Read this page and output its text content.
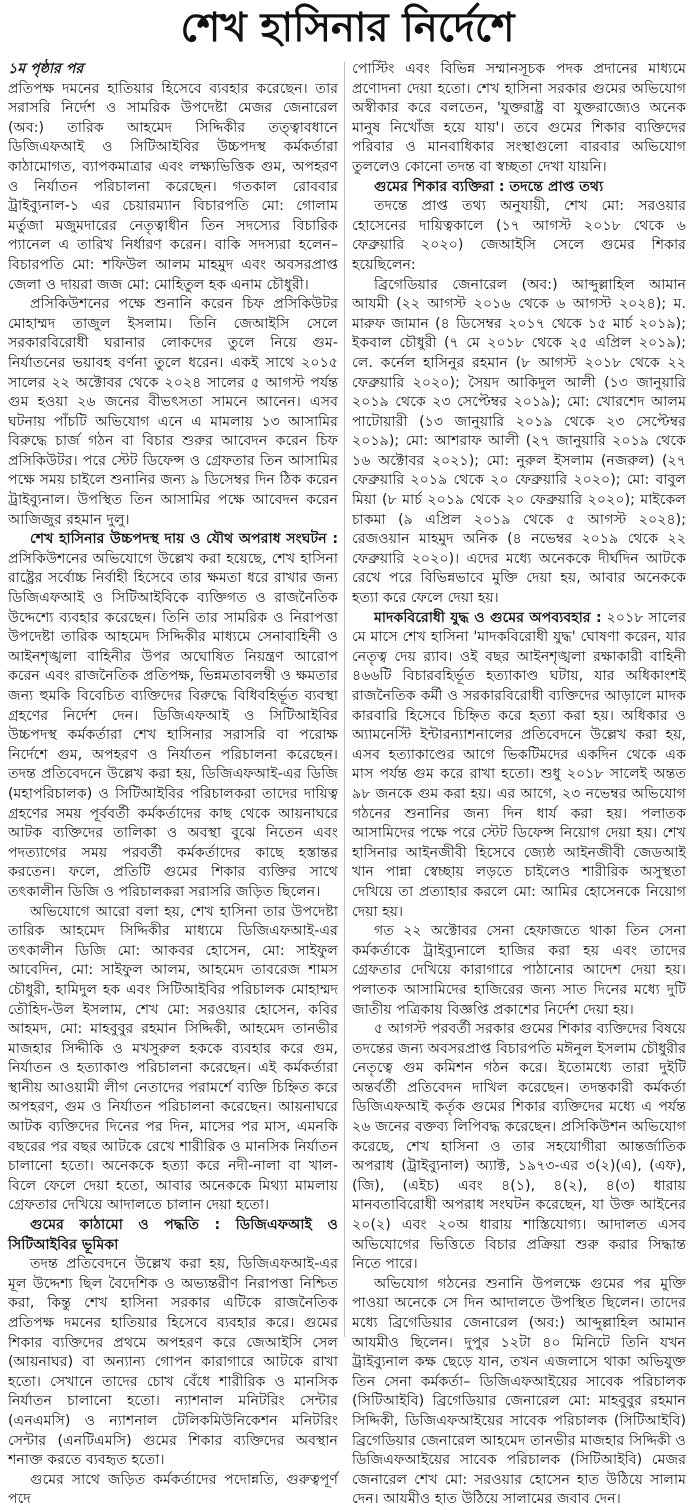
শেখ হাসিনার নির্দেশে
১ম পৃষ্ঠার পর

প্রতিপক্ষ দমনের হাতিয়ার হিসেবে ব্যবহার করেছেন। তার সরাসরি নির্দেশ ও সামরিক উপদেষ্টা মেজর জেনারেল (অব:) তারিক আহমেদ সিদ্দিকীর তত্ত্বাবধানে ডিজিএফআই ও সিটিআইবির উচ্চপদস্থ কর্মকর্তারা কাঠামোগত, ব্যাপকমাত্রার এবং লক্ষ্যভিত্তিক গুম, অপহরণ ও নির্যাতন পরিচালনা করেছেন। গতকাল রোববার ট্রাইব্যুনাল-১ এর চেয়ারম্যান বিচারপতি মো: গোলাম মর্তুজা মজুমদারের নেতৃত্বাধীন তিন সদস্যের বিচারিক প্যানেল এ তারিখ নির্ধারণ করেন। বাকি সদস্যরা হলেন– বিচারপতি মো: শফিউল আলম মাহমুদ এবং অবসরপ্রাপ্ত জেলা ও দায়রা জজ মো: মোহিতুল হক এনাম চৌধুরী।

প্রসিকিউশনের পক্ষে শুনানি করেন চিফ প্রসিকিউটর মোহাম্মদ তাজুল ইসলাম। তিনি জেআইসি সেলে সরকারবিরোধী ঘরানার লোকদের তুলে নিয়ে গুম-নির্যাতনের ভয়াবহ বর্ণনা তুলে ধরেন। একই সাথে ২০১৫ সালের ২২ অক্টোবর থেকে ২০২৪ সালের ৫ আগস্ট পর্যন্ত গুম হওয়া ২৬ জনের বীভৎসতা সামনে আনেন। এসব ঘটনায় পাঁচটি অভিযোগ এনে এ মামলায় ১৩ আসামির বিরুদ্ধে চার্জ গঠন বা বিচার শুরুর আবেদন করেন চিফ প্রসিকিউটর। পরে স্টেট ডিফেন্স ও গ্রেফতার তিন আসামির পক্ষে সময় চাইলে শুনানির জন্য ৯ ডিসেম্বর দিন ঠিক করেন ট্রাইব্যুনাল। উপস্থিত তিন আসামির পক্ষে আবেদন করেন আজিজুর রহমান দুলু।

শেখ হাসিনার উচ্চপদস্থ দায় ও যৌথ অপরাধ সংঘটন : প্রসিকিউশনের অভিযোগে উল্লেখ করা হয়েছে, শেখ হাসিনা রাষ্ট্রের সর্বোচ্চ নির্বাহী হিসেবে তার ক্ষমতা ধরে রাখার জন্য ডিজিএফআই ও সিটিআইবিকে ব্যক্তিগত ও রাজনৈতিক উদ্দেশ্যে ব্যবহার করেছেন। তিনি তার সামরিক ও নিরাপত্তা উপদেষ্টা তারিক আহমেদ সিদ্দিকীর মাধ্যমে সেনাবাহিনী ও আইনশৃঙ্খলা বাহিনীর উপর অঘোষিত নিয়ন্ত্রণ আরোপ করেন এবং রাজনৈতিক প্রতিপক্ষ, ভিন্নমতাবলম্বী ও ক্ষমতার জন্য হুমকি বিবেচিত ব্যক্তিদের বিরুদ্ধে বিধিবহির্ভূত ব্যবস্থা গ্রহণের নির্দেশ দেন। ডিজিএফআই ও সিটিআইবির উচ্চপদস্থ কর্মকর্তারা শেখ হাসিনার সরাসরি বা পরোক্ষ নির্দেশে গুম, অপহরণ ও নির্যাতন পরিচালনা করেছেন। তদন্ত প্রতিবেদনে উল্লেখ করা হয়, ডিজিএফআই-এর ডিজি (মহাপরিচালক) ও সিটিআইবির পরিচালকরা তাদের দায়িত্ব গ্রহণের সময় পূর্ববর্তী কর্মকর্তাদের কাছ থেকে আয়নাঘরে আটক ব্যক্তিদের তালিকা ও অবস্থা বুঝে নিতেন এবং পদত্যাগের সময় পরবর্তী কর্মকর্তাদের কাছে হস্তান্তর করতেন। ফলে, প্রতিটি গুমের শিকার ব্যক্তির সাথে তৎকালীন ডিজি ও পরিচালকরা সরাসরি জড়িত ছিলেন।

অভিযোগে আরো বলা হয়, শেখ হাসিনা তার উপদেষ্টা তারিক আহমেদ সিদ্দিকীর মাধ্যমে ডিজিএফআই-এর তৎকালীন ডিজি মো: আকবর হোসেন, মো: সাইফুল আবেদিন, মো: সাইফুল আলম, আহমেদ তাবরেজ শামস চৌধুরী, হামিদুল হক এবং সিটিআইবির পরিচালক মোহাম্মদ তৌহিদ-উল ইসলাম, শেখ মো: সরওয়ার হোসেন, কবির আহমদ, মো: মাহবুবুর রহমান সিদ্দিকী, আহমেদ তানভীর মাজহার সিদ্দীকি ও মখসুরুল হককে ব্যবহার করে গুম, নির্যাতন ও হত্যাকাণ্ড পরিচালনা করেছেন। এই কর্মকর্তারা স্থানীয় আওয়ামী লীগ নেতাদের পরামর্শে ব্যক্তি চিহ্নিত করে অপহরণ, গুম ও নির্যাতন পরিচালনা করেছেন। আয়নাঘরে আটক ব্যক্তিদের দিনের পর দিন, মাসের পর মাস, এমনকি বছরের পর বছর আটকে রেখে শারীরিক ও মানসিক নির্যাতন চালানো হতো। অনেককে হত্যা করে নদী-নালা বা খাল-বিলে ফেলে দেয়া হতো, আবার অনেককে মিথ্যা মামলায় গ্রেফতার দেখিয়ে আদালতে চালান দেয়া হতো।

গুমের কাঠামো ও পদ্ধতি : ডিজিএফআই ও সিটিআইবির ভূমিকা

তদন্ত প্রতিবেদনে উল্লেখ করা হয়, ডিজিএফআই-এর মূল উদ্দেশ্য ছিল বৈদেশিক ও অভ্যন্তরীণ নিরাপত্তা নিশ্চিত করা, কিন্তু শেখ হাসিনা সরকার এটিকে রাজনৈতিক প্রতিপক্ষ দমনের হাতিয়ার হিসেবে ব্যবহার করে। গুমের শিকার ব্যক্তিদের প্রথমে অপহরণ করে জেআইসি সেল (আয়নাঘর) বা অন্যান্য গোপন কারাগারে আটকে রাখা হতো। সেখানে তাদের চোখ বেঁধে শারীরিক ও মানসিক নির্যাতন চালানো হতো। ন্যাশনাল মনিটরিং সেন্টার (এনএমসি) ও ন্যাশনাল টেলিকমিউনিকেশন মনিটরিং সেন্টার (এনটিএমসি) গুমের শিকার ব্যক্তিদের অবস্থান শনাক্ত করতে ব্যবহৃত হতো।

গুমের সাথে জড়িত কর্মকর্তাদের পদোন্নতি, গুরুত্বপূর্ণ পদে

পোস্টিং এবং বিভিন্ন সম্মানসূচক পদক প্রদানের মাধ্যমে প্রণোদনা দেয়া হতো। শেখ হাসিনা সরকার গুমের অভিযোগ অস্বীকার করে বলতেন, 'যুক্তরাষ্ট্র বা যুক্তরাজ্যেও অনেক মানুষ নিখোঁজ হয়ে যায়'। তবে গুমের শিকার ব্যক্তিদের পরিবার ও মানবাধিকার সংস্থাগুলো বারবার অভিযোগ তুললেও কোনো তদন্ত বা স্বচ্ছতা দেখা যায়নি।

গুমের শিকার ব্যক্তিরা : তদন্তে প্রাপ্ত তথ্য

তদন্তে প্রাপ্ত তথ্য অনুযায়ী, শেখ মো: সরওয়ার হোসেনের দায়িত্বকালে (১৭ আগস্ট ২০১৮ থেকে ৬ ফেব্রুয়ারি ২০২০) জেআইসি সেলে গুমের শিকার হয়েছিলেন:

ব্রিগেডিয়ার জেনারেল (অব:) আব্দুল্লাহিল আমান আযমী (২২ আগস্ট ২০১৬ থেকে ৬ আগস্ট ২০২৪); ম. মারুফ জামান (৪ ডিসেম্বর ২০১৭ থেকে ১৫ মার্চ ২০১৯); ইকবাল চৌধুরী (৭ মে ২০১৮ থেকে ২৫ এপ্রিল ২০১৯); লে. কর্নেল হাসিনুর রহমান (৮ আগস্ট ২০১৮ থেকে ২২ ফেব্রুয়ারি ২০২০); সৈয়দ আকিদুল আলী (১৩ জানুয়ারি ২০১৯ থেকে ২৩ সেপ্টেম্বর ২০১৯); মো: খোরশেদ আলম পাটোয়ারী (১৩ জানুয়ারি ২০১৯ থেকে ২৩ সেপ্টেম্বর ২০১৯); মো: আশরাফ আলী (২৭ জানুয়ারি ২০১৯ থেকে ১৬ অক্টোবর ২০২১); মো: নুরুল ইসলাম (নজরুল) (২৭ ফেব্রুয়ারি ২০১৯ থেকে ২০ ফেব্রুয়ারি ২০২০); মো: বাবুল মিয়া (৮ মার্চ ২০১৯ থেকে ২০ ফেব্রুয়ারি ২০২০); মাইকেল চাকমা (৯ এপ্রিল ২০১৯ থেকে ৫ আগস্ট ২০২৪); রেজওয়ান মাহমুদ অনিক (৪ নভেম্বর ২০১৯ থেকে ২২ ফেব্রুয়ারি ২০২০)। এদের মধ্যে অনেককে দীর্ঘদিন আটকে রেখে পরে বিভিন্নভাবে মুক্তি দেয়া হয়, আবার অনেককে হত্যা করে ফেলে দেয়া হয়।

মাদকবিরোধী যুদ্ধ ও গুমের অপব্যবহার : ২০১৮ সালের মে মাসে শেখ হাসিনা 'মাদকবিরোধী যুদ্ধ' ঘোষণা করেন, যার নেতৃত্ব দেয় র‍্যাব। ওই বছর আইনশৃঙ্খলা রক্ষাকারী বাহিনী ৪৬৬টি বিচারবহির্ভূত হত্যাকাণ্ড ঘটায়, যার অধিকাংশই রাজনৈতিক কর্মী ও সরকারবিরোধী ব্যক্তিদের আড়ালে মাদক কারবারি হিসেবে চিহ্নিত করে হত্যা করা হয়। অধিকার ও অ্যামনেস্টি ইন্টারন্যাশনালের প্রতিবেদনে উল্লেখ করা হয়, এসব হত্যাকাণ্ডের আগে ভিকটিমদের একদিন থেকে এক মাস পর্যন্ত গুম করে রাখা হতো। শুধু ২০১৮ সালেই অন্তত ৯৮ জনকে গুম করা হয়। এর আগে, ২৩ নভেম্বর অভিযোগ গঠনের শুনানির জন্য দিন ধার্য করা হয়। পলাতক আসামিদের পক্ষে পরে স্টেট ডিফেন্স নিয়োগ দেয়া হয়। শেখ হাসিনার আইনজীবী হিসেবে জ্যেষ্ঠ আইনজীবী জেডআই খান পান্না স্বেচ্ছায় লড়তে চাইলেও শারীরিক অসুস্থতা দেখিয়ে তা প্রত্যাহার করলে মো: আমির হোসেনকে নিয়োগ দেয়া হয়।

গত ২২ অক্টোবর সেনা হেফাজতে থাকা তিন সেনা কর্মকর্তাকে ট্রাইব্যুনালে হাজির করা হয় এবং তাদের গ্রেফতার দেখিয়ে কারাগারে পাঠানোর আদেশ দেয়া হয়। পলাতক আসামিদের হাজিরের জন্য সাত দিনের মধ্যে দুটি জাতীয় পত্রিকায় বিজ্ঞপ্তি প্রকাশের নির্দেশ দেয়া হয়।

৫ আগস্ট পরবর্তী সরকার গুমের শিকার ব্যক্তিদের বিষয়ে তদন্তের জন্য অবসরপ্রাপ্ত বিচারপতি মঈনুল ইসলাম চৌধুরীর নেতৃত্বে গুম কমিশন গঠন করে। ইতোমধ্যে তারা দুইটি অন্তর্বর্তী প্রতিবেদন দাখিল করেছেন। তদন্তকারী কর্মকর্তা ডিজিএফআই কর্তৃক গুমের শিকার ব্যক্তিদের মধ্যে এ পর্যন্ত ২৬ জনের বক্তব্য লিপিবদ্ধ করেছেন। প্রসিকিউশন অভিযোগ করেছে, শেখ হাসিনা ও তার সহযোগীরা আন্তর্জাতিক অপরাধ (ট্রাইব্যুনাল) অ্যাক্ট, ১৯৭৩-এর ৩(২)(এ), (এফ), (জি), (এইচ) এবং ৪(১), ৪(২), ৪(৩) ধারায় মানবতাবিরোধী অপরাধ সংঘটন করেছেন, যা উক্ত আইনের ২০(২) এবং ২০অ ধারায় শাস্তিযোগ্য। আদালত এসব অভিযোগের ভিত্তিতে বিচার প্রক্রিয়া শুরু করার সিদ্ধান্ত নিতে পারে।

অভিযোগ গঠনের শুনানি উপলক্ষে গুমের পর মুক্তি পাওয়া অনেকে সে দিন আদালতে উপস্থিত ছিলেন। তাদের মধ্যে ব্রিগেডিয়ার জেনারেল (অব:) আব্দুল্লাহিল আমান আযমীও ছিলেন। দুপুর ১২টা ৪০ মিনিটে তিনি যখন ট্রাইব্যুনাল কক্ষ ছেড়ে যান, তখন এজলাসে থাকা অভিযুক্ত তিন সেনা কর্মকর্তা– ডিজিএফআইয়ের সাবেক পরিচালক (সিটিআইবি) ব্রিগেডিয়ার জেনারেল মো: মাহবুবুর রহমান সিদ্দিকী, ডিজিএফআইয়ের সাবেক পরিচালক (সিটিআইবি) ব্রিগেডিয়ার জেনারেল আহমেদ তানভীর মাজহার সিদ্দিকী ও ডিজিএফআইয়ের সাবেক পরিচালক (সিটিআইবি) মেজর জেনারেল শেখ মো: সরওয়ার হোসেন হাত উঠিয়ে সালাম দেন। আযমীও হাত উঠিয়ে সালামের জবাব দেন।
